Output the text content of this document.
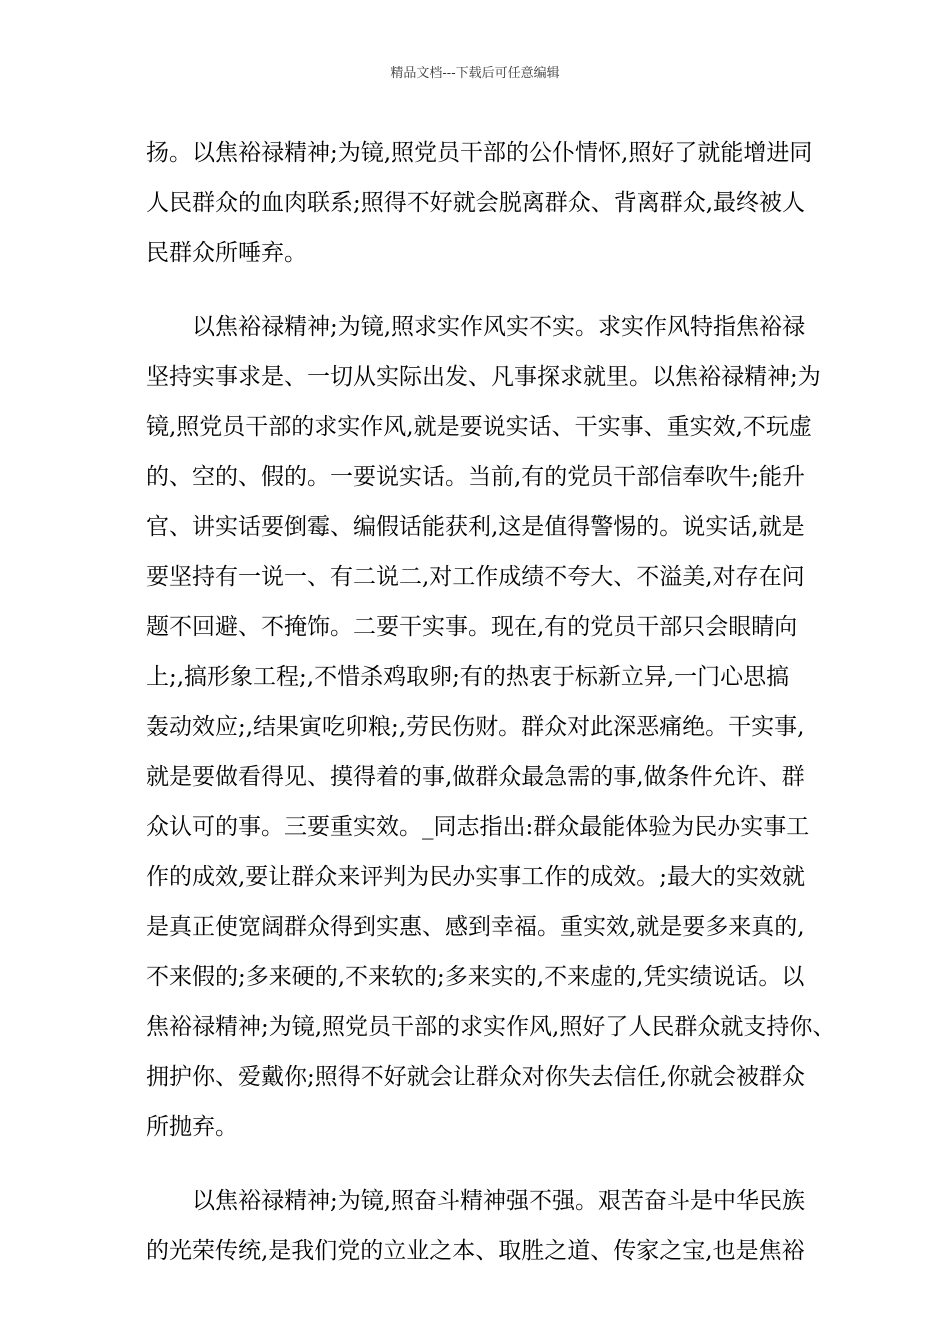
精品文档---下载后可任意编辑
扬。以焦裕禄精神;为镜,照党员干部的公仆情怀,照好了就能增进同
人民群众的血肉联系;照得不好就会脱离群众、背离群众,最终被人
民群众所唾弃。
　　以焦裕禄精神;为镜,照求实作风实不实。求实作风特指焦裕禄
坚持实事求是、一切从实际出发、凡事探求就里。以焦裕禄精神;为
镜,照党员干部的求实作风,就是要说实话、干实事、重实效,不玩虚
的、空的、假的。一要说实话。当前,有的党员干部信奉吹牛;能升
官、讲实话要倒霉、编假话能获利,这是值得警惕的。说实话,就是
要坚持有一说一、有二说二,对工作成绩不夸大、不溢美,对存在问
题不回避、不掩饰。二要干实事。现在,有的党员干部只会眼睛向
上;,搞形象工程;,不惜杀鸡取卵;有的热衷于标新立异,一门心思搞
轰动效应;,结果寅吃卯粮;,劳民伤财。群众对此深恶痛绝。干实事,
就是要做看得见、摸得着的事,做群众最急需的事,做条件允许、群
众认可的事。三要重实效。_同志指出:群众最能体验为民办实事工
作的成效,要让群众来评判为民办实事工作的成效。;最大的实效就
是真正使宽阔群众得到实惠、感到幸福。重实效,就是要多来真的,
不来假的;多来硬的,不来软的;多来实的,不来虚的,凭实绩说话。以
焦裕禄精神;为镜,照党员干部的求实作风,照好了人民群众就支持你、
拥护你、爱戴你;照得不好就会让群众对你失去信任,你就会被群众
所抛弃。
　　以焦裕禄精神;为镜,照奋斗精神强不强。艰苦奋斗是中华民族
的光荣传统,是我们党的立业之本、取胜之道、传家之宝,也是焦裕
